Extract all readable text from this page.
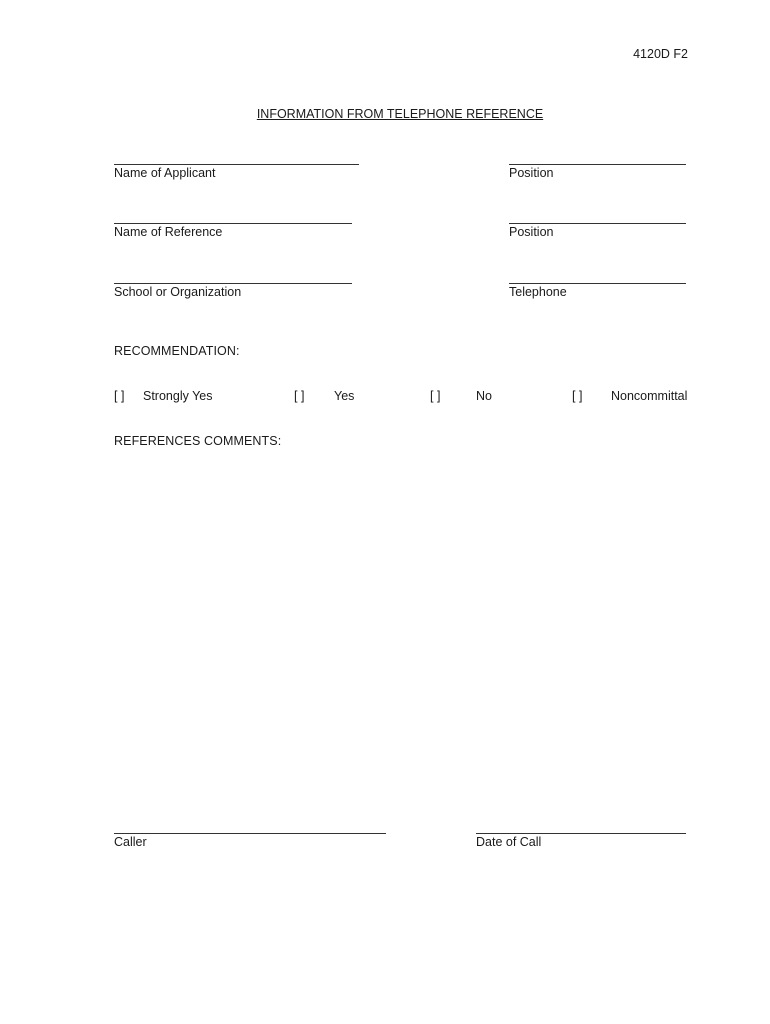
4120D F2
INFORMATION FROM TELEPHONE REFERENCE
Name of Applicant	Position
Name of Reference	Position
School or Organization	Telephone
RECOMMENDATION:
[ ] Strongly Yes	[ ] Yes	[ ]	No	[ ] Noncommittal
REFERENCES COMMENTS:
Caller	Date of Call
